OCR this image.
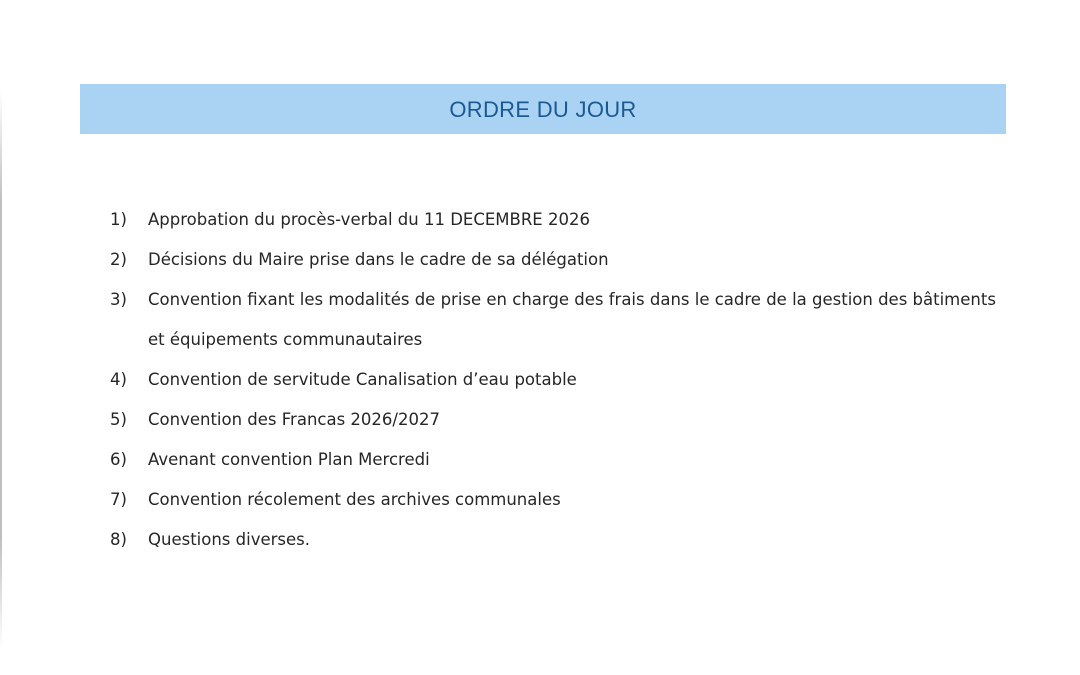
ORDRE DU JOUR
1)	Approbation du procès-verbal du 11 DECEMBRE 2026
2)	Décisions du Maire prise dans le cadre de sa délégation
3)	Convention fixant les modalités de prise en charge des frais dans le cadre de la gestion des bâtiments et équipements communautaires
4)	Convention de servitude Canalisation d’eau potable
5)	Convention des Francas 2026/2027
6)	Avenant convention Plan Mercredi
7)	Convention récolement des archives communales
8)	Questions diverses.
